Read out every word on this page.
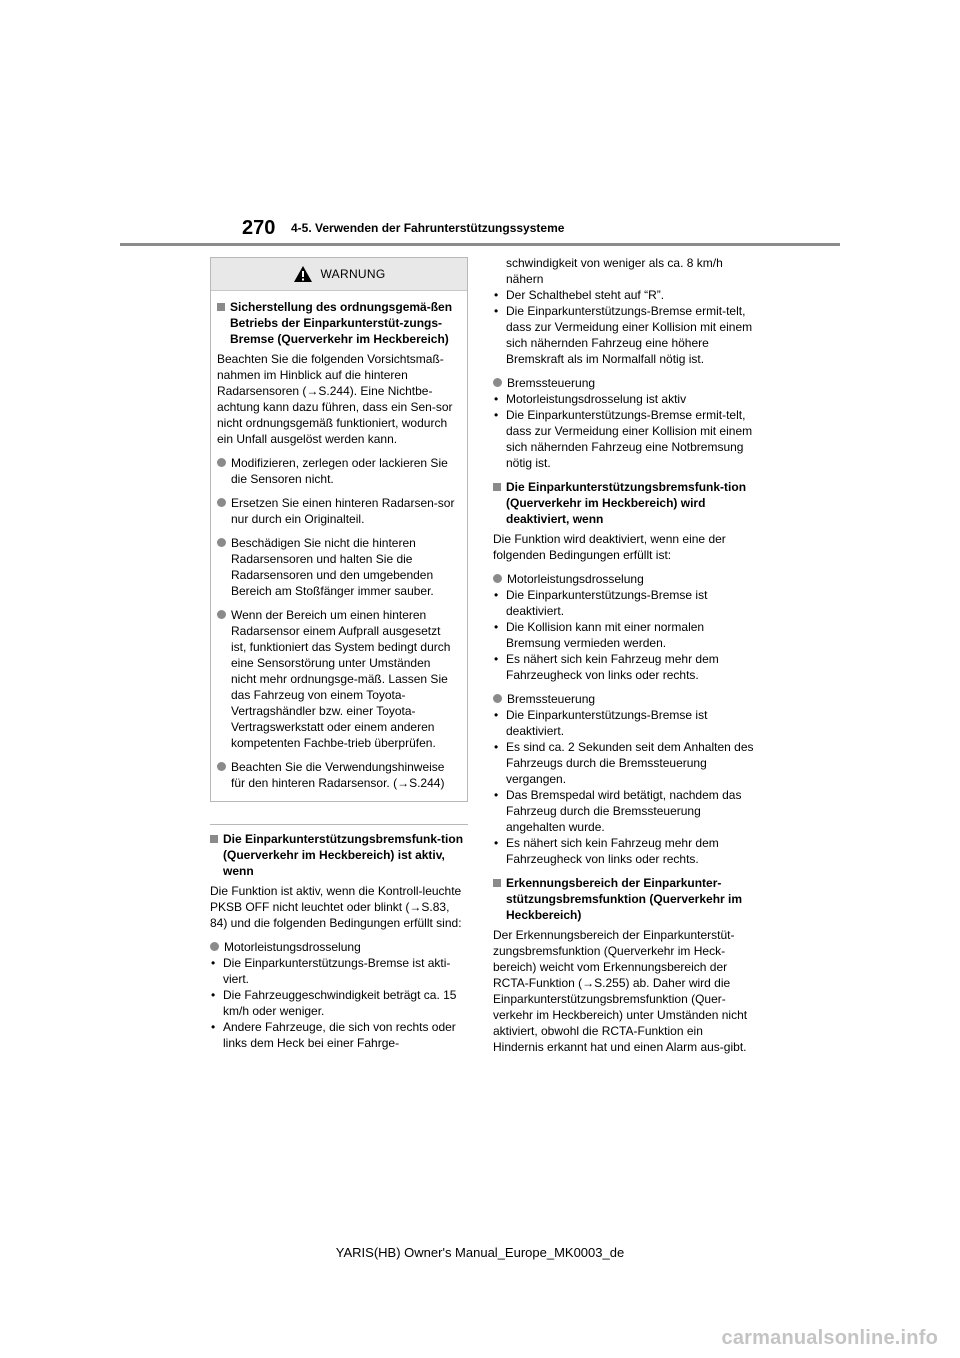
270 4-5. Verwenden der Fahrunterstützungssysteme
WARNUNG
Sicherstellung des ordnungsgemä-ßen Betriebs der Einparkunterstüt-zungs-Bremse (Querverkehr im Heckbereich)

Beachten Sie die folgenden Vorsichtsmaß-nahmen im Hinblick auf die hinteren Radarsensoren (→S.244). Eine Nichtbe-achtung kann dazu führen, dass ein Sen-sor nicht ordnungsgemäß funktioniert, wodurch ein Unfall ausgelöst werden kann.

Modifizieren, zerlegen oder lackieren Sie die Sensoren nicht.
Ersetzen Sie einen hinteren Radarsen-sor nur durch ein Originalteil.
Beschädigen Sie nicht die hinteren Radarsensoren und halten Sie die Radarsensoren und den umgebenden Bereich am Stoßfänger immer sauber.
Wenn der Bereich um einen hinteren Radarsensor einem Aufprall ausgesetzt ist, funktioniert das System bedingt durch eine Sensorstörung unter Umständen nicht mehr ordnungsge-mäß. Lassen Sie das Fahrzeug von einem Toyota-Vertragshändler bzw. einer Toyota-Vertragswerkstatt oder einem anderen kompetenten Fachbe-trieb überprüfen.
Beachten Sie die Verwendungshinweise für den hinteren Radarsensor. (→S.244)
Die Einparkunterstützungsbremsfunk-tion (Querverkehr im Heckbereich) ist aktiv, wenn

Die Funktion ist aktiv, wenn die Kontroll-leuchte PKSB OFF nicht leuchtet oder blinkt (→S.83, 84) und die folgenden Bedingungen erfüllt sind:

Motorleistungsdrosselung
• Die Einparkunterstützungs-Bremse ist akti-viert.
• Die Fahrzeuggeschwindigkeit beträgt ca. 15 km/h oder weniger.
• Andere Fahrzeuge, die sich von rechts oder links dem Heck bei einer Fahrge-
schwindigkeit von weniger als ca. 8 km/h nähern
• Der Schalthebel steht auf “R”.
• Die Einparkunterstützungs-Bremse ermit-telt, dass zur Vermeidung einer Kollision mit einem sich nähernden Fahrzeug eine höhere Bremskraft als im Normalfall nötig ist.
Bremssteuerung
• Motorleistungsdrosselung ist aktiv
• Die Einparkunterstützungs-Bremse ermit-telt, dass zur Vermeidung einer Kollision mit einem sich nähernden Fahrzeug eine Notbremsung nötig ist.
Die Einparkunterstützungsbremsfunk-tion (Querverkehr im Heckbereich) wird deaktiviert, wenn

Die Funktion wird deaktiviert, wenn eine der folgenden Bedingungen erfüllt ist:

Motorleistungsdrosselung
• Die Einparkunterstützungs-Bremse ist deaktiviert.
• Die Kollision kann mit einer normalen Bremsung vermieden werden.
• Es nähert sich kein Fahrzeug mehr dem Fahrzeugheck von links oder rechts.
Bremssteuerung
• Die Einparkunterstützungs-Bremse ist deaktiviert.
• Es sind ca. 2 Sekunden seit dem Anhalten des Fahrzeugs durch die Bremssteuerung vergangen.
• Das Bremspedal wird betätigt, nachdem das Fahrzeug durch die Bremssteuerung angehalten wurde.
• Es nähert sich kein Fahrzeug mehr dem Fahrzeugheck von links oder rechts.
Erkennungsbereich der Einparkunter-stützungsbremsfunktion (Querverkehr im Heckbereich)

Der Erkennungsbereich der Einparkunterstüt-zungsbremsfunktion (Querverkehr im Heck-bereich) weicht vom Erkennungsbereich der RCTA-Funktion (→S.255) ab. Daher wird die Einparkunterstützungsbremsfunktion (Quer-verkehr im Heckbereich) unter Umständen nicht aktiviert, obwohl die RCTA-Funktion ein Hindernis erkannt hat und einen Alarm aus-gibt.

YARIS(HB) Owner's Manual_Europe_MK0003_de
carmanualsonline.info
